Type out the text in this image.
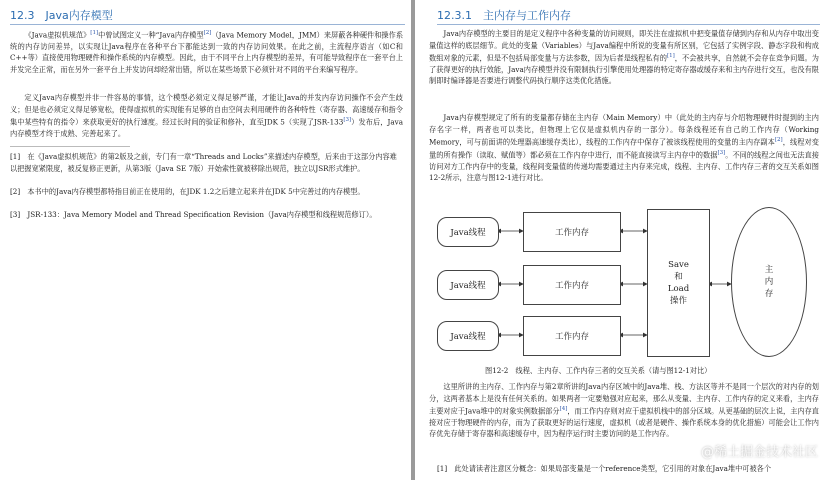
12.3　Java内存模型

《Java虚拟机规范》[1]中曾试图定义一种“Java内存模型[2]（Java Memory Model，JMM）来屏蔽各种硬件和操作系统的内存访问差异，以实现让Java程序在各种平台下都能达到一致的内存访问效果。在此之前，主流程序语言（如C和C++等）直接使用物理硬件和操作系统的内存模型。因此，由于不同平台上内存模型的差异，有可能导致程序在一套平台上并发完全正常，而在另外一套平台上并发访问却经常出错，所以在某些场景下必须针对不同的平台来编写程序。

定义Java内存模型并非一件容易的事情，这个模型必须定义得足够严谨，才能让Java的并发内存访问操作不会产生歧义；但是也必须定义得足够宽松，使得虚拟机的实现能有足够的自由空间去利用硬件的各种特性（寄存器、高速缓存和指令集中某些特有的指令）来获取更好的执行速度。经过长时间的验证和修补，直至JDK 5（实现了JSR-133[3]）发布后，Java内存模型才终于成熟、完善起来了。

[1]　在《Java虚拟机规范》的第2版及之前，专门有一章“Threads and Locks”来描述内存模型，后来由于这部分内容难以把握宽紧限度，被反复修正更新，从第3版（Java SE 7版）开始索性就被移除出规范，独立以JSR形式维护。

[2]　本书中的Java内存模型都特指目前正在使用的，在JDK 1.2之后建立起来并在JDK 5中完善过的内存模型。

[3]　JSR-133：Java Memory Model and Thread Specification Revision（Java内存模型和线程规范修订）。

12.3.1　主内存与工作内存

Java内存模型的主要目的是定义程序中各种变量的访问规则，即关注在虚拟机中把变量值存储到内存和从内存中取出变量值这样的底层细节。此处的变量（Variables）与Java编程中所说的变量有所区别，它包括了实例字段、静态字段和构成数组对象的元素，但是不包括局部变量与方法参数，因为后者是线程私有的[1]，不会被共享，自然就不会存在竞争问题。为了获得更好的执行效能，Java内存模型并没有限制执行引擎使用处理器的特定寄存器或缓存来和主内存进行交互，也没有限制即时编译器是否要进行调整代码执行顺序这类优化措施。

Java内存模型规定了所有的变量都存储在主内存（Main Memory）中（此处的主内存与介绍物理硬件时提到的主内存名字一样，两者也可以类比，但物理上它仅是虚拟机内存的一部分）。每条线程还有自己的工作内存（Working Memory，可与前面讲的处理器高速缓存类比），线程的工作内存中保存了被该线程使用的变量的主内存副本[2]，线程对变量的所有操作（读取、赋值等）都必须在工作内存中进行，而不能直接读写主内存中的数据[3]。不同的线程之间也无法直接访问对方工作内存中的变量，线程间变量值的传递均需要通过主内存来完成，线程、主内存、工作内存三者的交互关系如图12-2所示，注意与图12-1进行对比。

Java线程
Java线程
Java线程
工作内存
工作内存
工作内存
Save
和
Load
操作
主
内
存
图12-2　线程、主内存、工作内存三者的交互关系（请与图12-1对比）

这里所讲的主内存、工作内存与第2章所讲的Java内存区域中的Java堆、栈、方法区等并不是同一个层次的对内存的划分，这两者基本上是没有任何关系的。如果两者一定要勉强对应起来，那么从变量、主内存、工作内存的定义来看，主内存主要对应于Java堆中的对象实例数据部分[4]，而工作内存则对应于虚拟机栈中的部分区域。从更基础的层次上说，主内存直接对应于物理硬件的内存，而为了获取更好的运行速度，虚拟机（或者是硬件、操作系统本身的优化措施）可能会让工作内存优先存储于寄存器和高速缓存中，因为程序运行时主要访问的是工作内存。

[1]　此处请读者注意区分概念：如果局部变量是一个reference类型，它引用的对象在Java堆中可被各个

@稀土掘金技术社区
